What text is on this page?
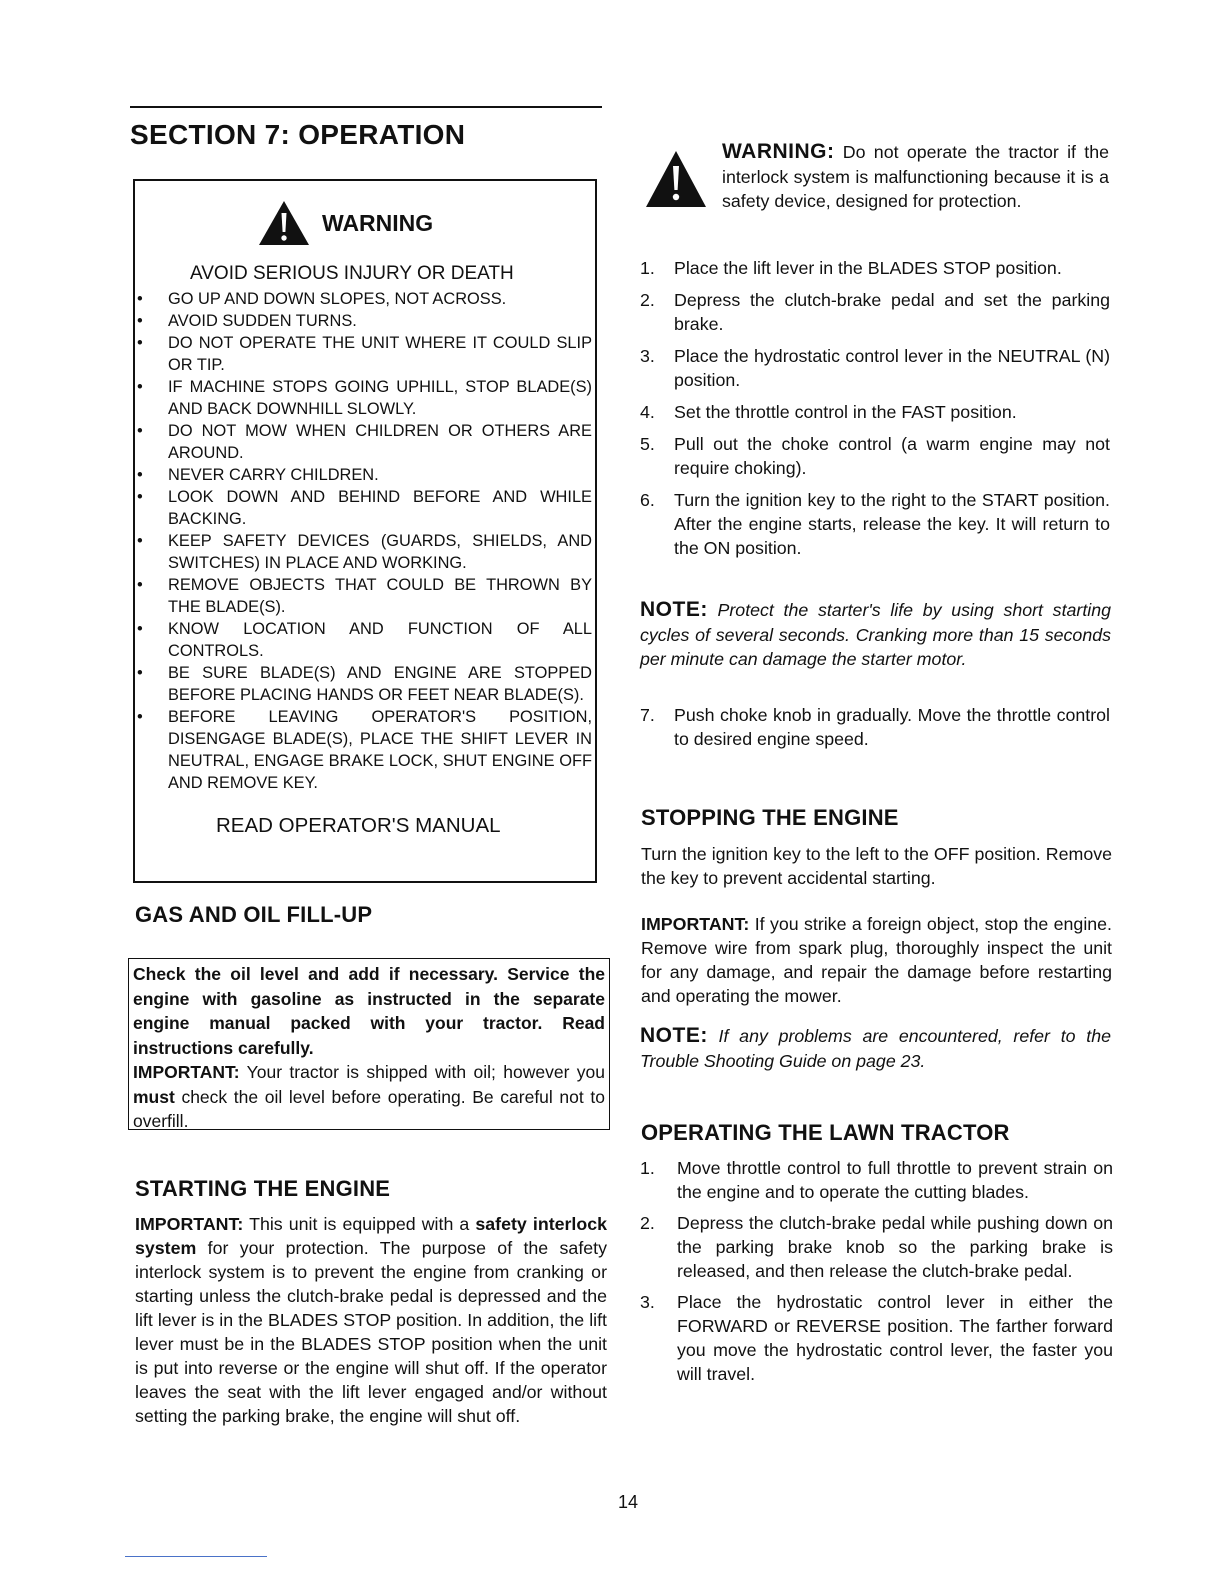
SECTION 7: OPERATION
WARNING
AVOID SERIOUS INJURY OR DEATH
• GO UP AND DOWN SLOPES, NOT ACROSS.
• AVOID SUDDEN TURNS.
• DO NOT OPERATE THE UNIT WHERE IT COULD SLIP OR TIP.
• IF MACHINE STOPS GOING UPHILL, STOP BLADE(S) AND BACK DOWNHILL SLOWLY.
• DO NOT MOW WHEN CHILDREN OR OTHERS ARE AROUND.
• NEVER CARRY CHILDREN.
• LOOK DOWN AND BEHIND BEFORE AND WHILE BACKING.
• KEEP SAFETY DEVICES (GUARDS, SHIELDS, AND SWITCHES) IN PLACE AND WORKING.
• REMOVE OBJECTS THAT COULD BE THROWN BY THE BLADE(S).
• KNOW LOCATION AND FUNCTION OF ALL CONTROLS.
• BE SURE BLADE(S) AND ENGINE ARE STOPPED BEFORE PLACING HANDS OR FEET NEAR BLADE(S).
• BEFORE LEAVING OPERATOR'S POSITION, DISENGAGE BLADE(S), PLACE THE SHIFT LEVER IN NEUTRAL, ENGAGE BRAKE LOCK, SHUT ENGINE OFF AND REMOVE KEY.
READ OPERATOR'S MANUAL
GAS AND OIL FILL-UP
Check the oil level and add if necessary. Service the engine with gasoline as instructed in the separate engine manual packed with your tractor. Read instructions carefully.
IMPORTANT: Your tractor is shipped with oil; however you must check the oil level before operating. Be careful not to overfill.
STARTING THE ENGINE
IMPORTANT: This unit is equipped with a safety interlock system for your protection. The purpose of the safety interlock system is to prevent the engine from cranking or starting unless the clutch-brake pedal is depressed and the lift lever is in the BLADES STOP position. In addition, the lift lever must be in the BLADES STOP position when the unit is put into reverse or the engine will shut off. If the operator leaves the seat with the lift lever engaged and/or without setting the parking brake, the engine will shut off.
WARNING: Do not operate the tractor if the interlock system is malfunctioning because it is a safety device, designed for protection.
1. Place the lift lever in the BLADES STOP position.
2. Depress the clutch-brake pedal and set the parking brake.
3. Place the hydrostatic control lever in the NEUTRAL (N) position.
4. Set the throttle control in the FAST position.
5. Pull out the choke control (a warm engine may not require choking).
6. Turn the ignition key to the right to the START position. After the engine starts, release the key. It will return to the ON position.
NOTE: Protect the starter's life by using short starting cycles of several seconds. Cranking more than 15 seconds per minute can damage the starter motor.
7. Push choke knob in gradually. Move the throttle control to desired engine speed.
STOPPING THE ENGINE
Turn the ignition key to the left to the OFF position. Remove the key to prevent accidental starting.
IMPORTANT: If you strike a foreign object, stop the engine. Remove wire from spark plug, thoroughly inspect the unit for any damage, and repair the damage before restarting and operating the mower.
NOTE: If any problems are encountered, refer to the Trouble Shooting Guide on page 23.
OPERATING THE LAWN TRACTOR
1. Move throttle control to full throttle to prevent strain on the engine and to operate the cutting blades.
2. Depress the clutch-brake pedal while pushing down on the parking brake knob so the parking brake is released, and then release the clutch-brake pedal.
3. Place the hydrostatic control lever in either the FORWARD or REVERSE position. The farther forward you move the hydrostatic control lever, the faster you will travel.
14
